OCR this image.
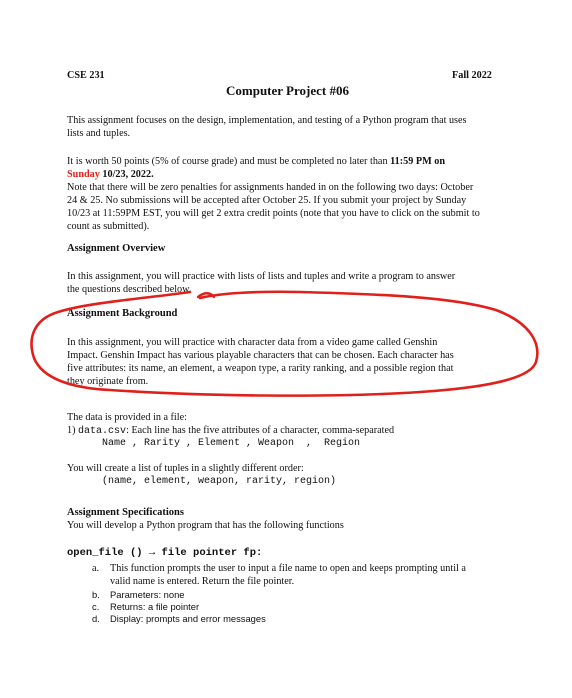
CSE 231	Fall 2022
Computer Project #06
This assignment focuses on the design, implementation, and testing of a Python program that uses
lists and tuples.
It is worth 50 points (5% of course grade) and must be completed no later than 11:59 PM on
Sunday 10/23, 2022.
Note that there will be zero penalties for assignments handed in on the following two days: October
24 & 25. No submissions will be accepted after October 25. If you submit your project by Sunday
10/23 at 11:59PM EST, you will get 2 extra credit points (note that you have to click on the submit to
count as submitted).
Assignment Overview
In this assignment, you will practice with lists of lists and tuples and write a program to answer
the questions described below.
Assignment Background
In this assignment, you will practice with character data from a video game called Genshin
Impact. Genshin Impact has various playable characters that can be chosen. Each character has
five attributes: its name, an element, a weapon type, a rarity ranking, and a possible region that
they originate from.
The data is provided in a file:
1) data.csv: Each line has the five attributes of a character, comma-separated
Name , Rarity , Element , Weapon  ,  Region
You will create a list of tuples in a slightly different order:
(name, element, weapon, rarity, region)
Assignment Specifications
You will develop a Python program that has the following functions
open_file () → file pointer fp:
a. This function prompts the user to input a file name to open and keeps prompting until a
valid name is entered. Return the file pointer.
b. Parameters: none
c. Returns: a file pointer
d. Display: prompts and error messages
